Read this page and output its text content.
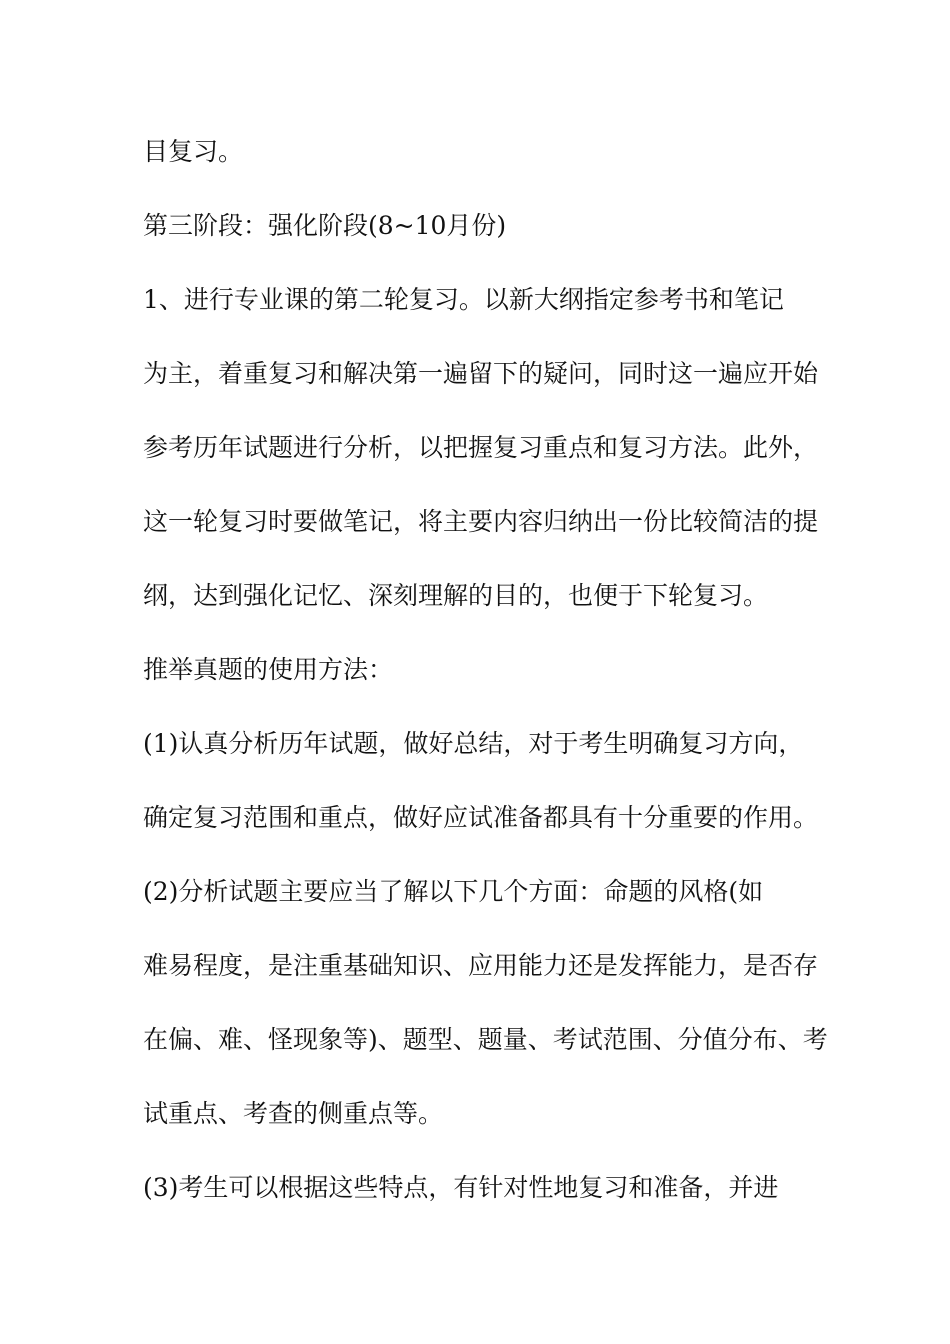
目复习。
第三阶段：强化阶段(8~10月份)
1、进行专业课的第二轮复习。以新大纲指定参考书和笔记
为主，着重复习和解决第一遍留下的疑问，同时这一遍应开始
参考历年试题进行分析，以把握复习重点和复习方法。此外，
这一轮复习时要做笔记，将主要内容归纳出一份比较简洁的提
纲，达到强化记忆、深刻理解的目的，也便于下轮复习。
推举真题的使用方法：
(1)认真分析历年试题，做好总结，对于考生明确复习方向，
确定复习范围和重点，做好应试准备都具有十分重要的作用。
(2)分析试题主要应当了解以下几个方面：命题的风格(如
难易程度，是注重基础知识、应用能力还是发挥能力，是否存
在偏、难、怪现象等)、题型、题量、考试范围、分值分布、考
试重点、考查的侧重点等。
(3)考生可以根据这些特点，有针对性地复习和准备，并进
